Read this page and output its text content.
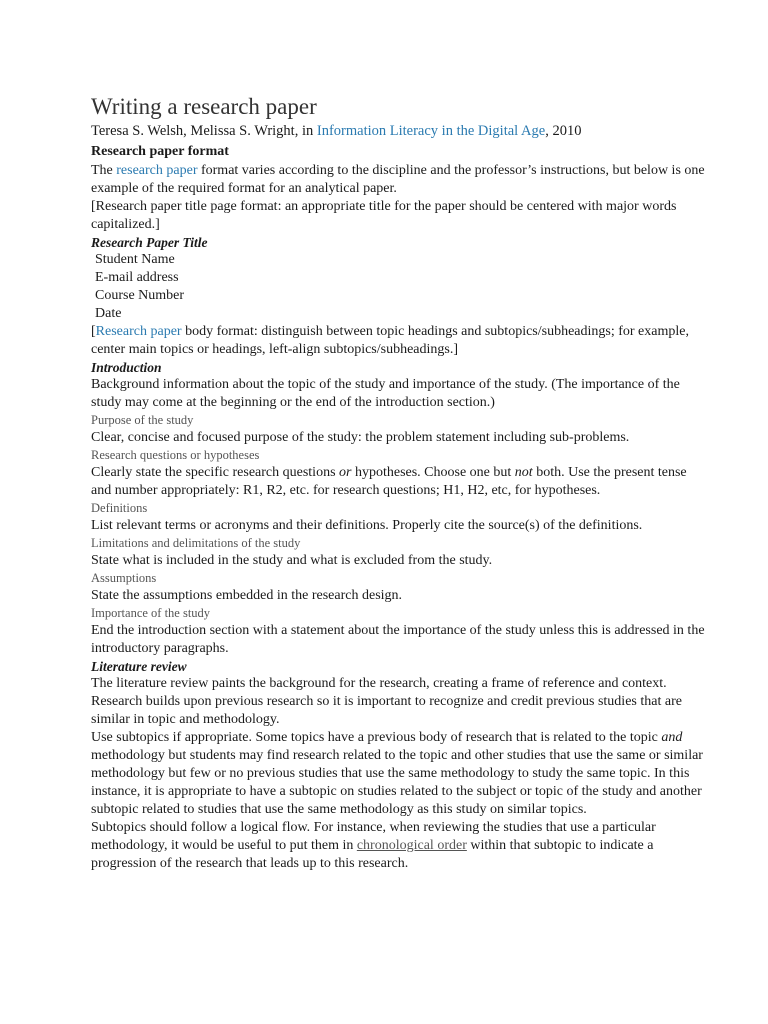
Writing a research paper

Teresa S. Welsh, Melissa S. Wright, in Information Literacy in the Digital Age, 2010

Research paper format

The research paper format varies according to the discipline and the professor’s instructions, but below is one example of the required format for an analytical paper.

[Research paper title page format: an appropriate title for the paper should be centered with major words capitalized.]

Research Paper Title

Student Name

E-mail address

Course Number

Date

[Research paper body format: distinguish between topic headings and subtopics/subheadings; for example, center main topics or headings, left-align subtopics/subheadings.]

Introduction

Background information about the topic of the study and importance of the study. (The importance of the study may come at the beginning or the end of the introduction section.)

Purpose of the study

Clear, concise and focused purpose of the study: the problem statement including sub-problems.

Research questions or hypotheses

Clearly state the specific research questions or hypotheses. Choose one but not both. Use the present tense and number appropriately: R1, R2, etc. for research questions; H1, H2, etc, for hypotheses.

Definitions

List relevant terms or acronyms and their definitions. Properly cite the source(s) of the definitions.

Limitations and delimitations of the study

State what is included in the study and what is excluded from the study.

Assumptions

State the assumptions embedded in the research design.

Importance of the study

End the introduction section with a statement about the importance of the study unless this is addressed in the introductory paragraphs.

Literature review

The literature review paints the background for the research, creating a frame of reference and context. Research builds upon previous research so it is important to recognize and credit previous studies that are similar in topic and methodology.

Use subtopics if appropriate. Some topics have a previous body of research that is related to the topic and methodology but students may find research related to the topic and other studies that use the same or similar methodology but few or no previous studies that use the same methodology to study the same topic. In this instance, it is appropriate to have a subtopic on studies related to the subject or topic of the study and another subtopic related to studies that use the same methodology as this study on similar topics.

Subtopics should follow a logical flow. For instance, when reviewing the studies that use a particular methodology, it would be useful to put them in chronological order within that subtopic to indicate a progression of the research that leads up to this research.
